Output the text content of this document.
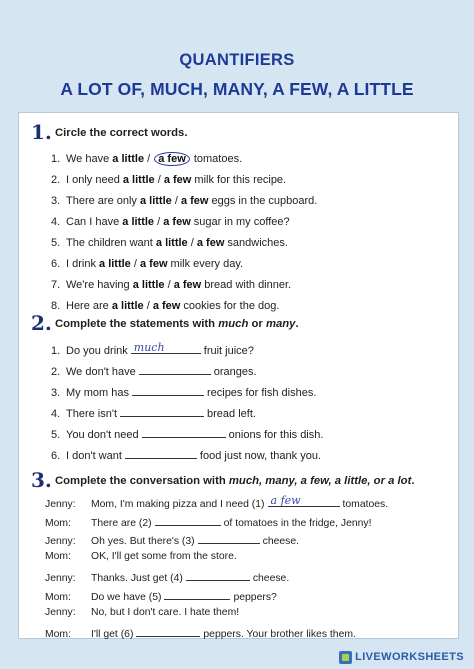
QUANTIFIERS
A LOT OF, MUCH, MANY, A FEW, A LITTLE
1. Circle the correct words.
1. We have a little / a few tomatoes.
2. I only need a little / a few milk for this recipe.
3. There are only a little / a few eggs in the cupboard.
4. Can I have a little / a few sugar in my coffee?
5. The children want a little / a few sandwiches.
6. I drink a little / a few milk every day.
7. We're having a little / a few bread with dinner.
8. Here are a little / a few cookies for the dog.
2. Complete the statements with much or many.
1. Do you drink much	fruit juice?
2. We don't have	oranges.
3. My mom has	recipes for fish dishes.
4. There isn't	bread left.
5. You don't need	onions for this dish.
6. I don't want	food just now, thank you.
3. Complete the conversation with much, many, a few, a little, or a lot.
Jenny: Mom, I'm making pizza and I need (1) a few	tomatoes.
Mom: There are (2)	of tomatoes in the fridge, Jenny!
Jenny: Oh yes. But there's (3)	cheese.
Mom: OK, I'll get some from the store.
Jenny: Thanks. Just get (4)	cheese.
Mom: Do we have (5)	peppers?
Jenny: No, but I don't care. I hate them!
Mom: I'll get (6)	peppers. Your brother likes them.
LIVEWORKSHEETS
